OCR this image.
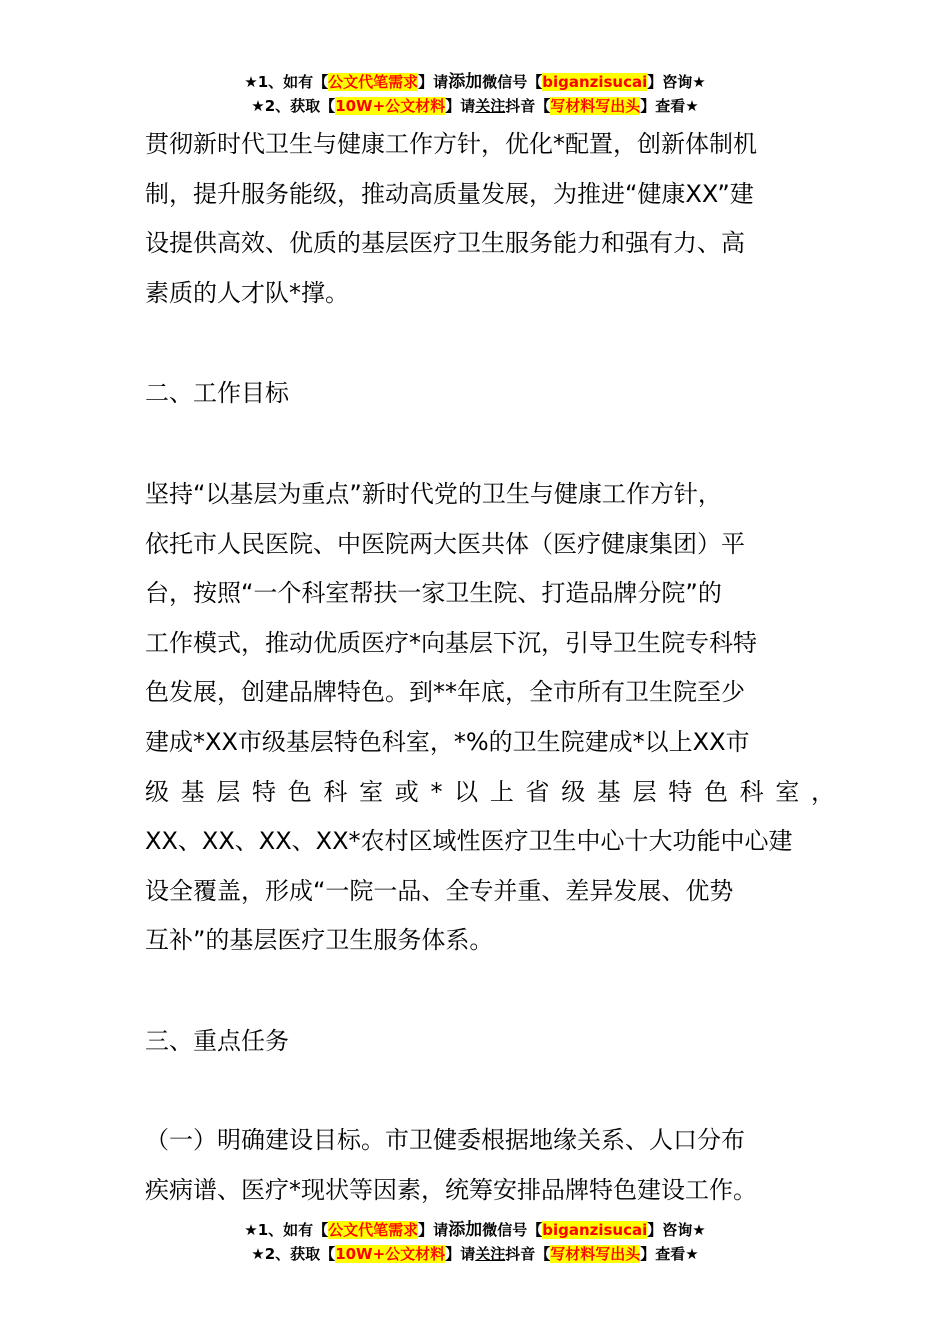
★1、如有【公文代笔需求】请添加微信号【biganzisucai】咨询★
★2、获取【10W+公文材料】请关注抖音【写材料写出头】查看★
贯彻新时代卫生与健康工作方针，优化*配置，创新体制机
制，提升服务能级，推动高质量发展，为推进“健康XX”建
设提供高效、优质的基层医疗卫生服务能力和强有力、高
素质的人才队*撑。
二、工作目标
坚持“以基层为重点”新时代党的卫生与健康工作方针，
依托市人民医院、中医院两大医共体（医疗健康集团）平
台，按照“一个科室帮扶一家卫生院、打造品牌分院”的
工作模式，推动优质医疗*向基层下沉，引导卫生院专科特
色发展，创建品牌特色。到**年底，全市所有卫生院至少
建成*XX市级基层特色科室，*%的卫生院建成*以上XX市
级基层特色科室或*以上省级基层特色科室，
XX、XX、XX、XX*农村区域性医疗卫生中心十大功能中心建
设全覆盖，形成“一院一品、全专并重、差异发展、优势
互补”的基层医疗卫生服务体系。
三、重点任务
（一）明确建设目标。市卫健委根据地缘关系、人口分布
疾病谱、医疗*现状等因素，统筹安排品牌特色建设工作。
★1、如有【公文代笔需求】请添加微信号【biganzisucai】咨询★
★2、获取【10W+公文材料】请关注抖音【写材料写出头】查看★
